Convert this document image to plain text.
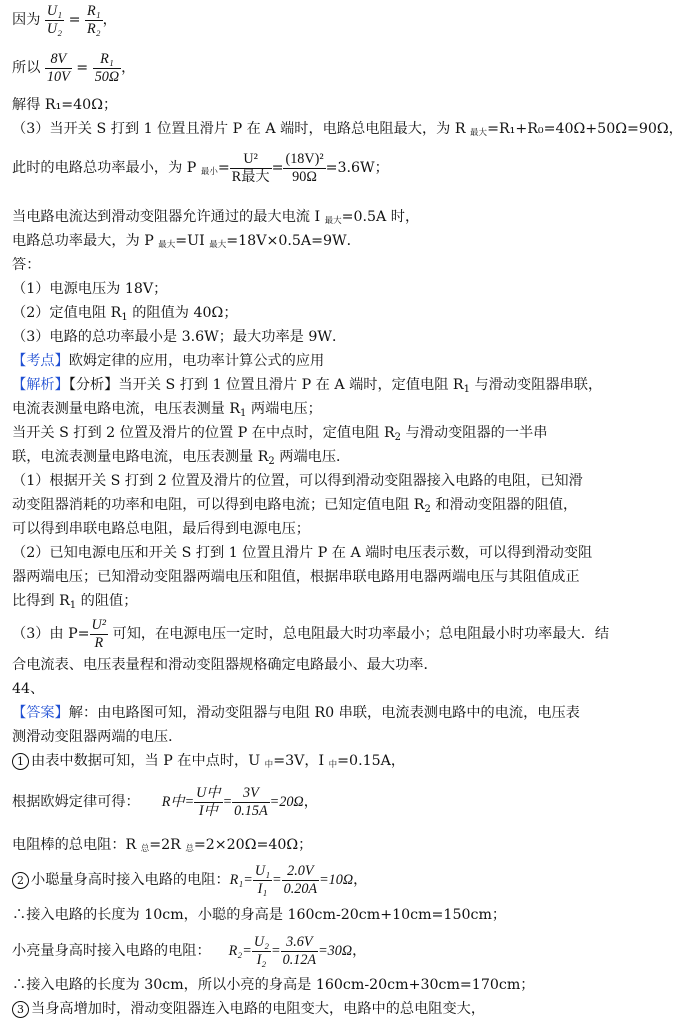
因为 $\frac{\text{U₁}}{\text{U₂}} = \frac{\text{R₁}}{\text{R₂}}$ ，
所以 $\frac{8V}{10V} = \frac{\text{R₁}}{50\Omega}$ ，
解得 R₁=40Ω；
（3）当开关 S 打到 1 位置且滑片 P 在 A 端时，电路总电阻最大，为 R $_{最大}$=R₁+R₀=40Ω+50Ω=90Ω，
此时的电路总功率最小，为 P $_{最小}= \frac{\text{U²}}{\text{R最大}} = \frac{\text{(18V)²}}{90\Omega} =3.6W$；
当电路电流达到滑动变阻器允许通过的最大电流 I $_{最大}$=0.5A 时，
电路总功率最大，为 P $_{最大}$=UI $_{最大}$=18V×0.5A=9W．
答：
（1）电源电压为 18V；
（2）定值电阻 $R_1$ 的阻值为 40Ω；
（3）电路的总功率最小是 3.6W；最大功率是 9W．
【考点】欧姆定律的应用，电功率计算公式的应用
【解析】【分析】当开关 S 打到 1 位置且滑片 P 在 A 端时，定值电阻 $R_1$ 与滑动变阻器串联，
电流表测量电路电流，电压表测量 $R_1$ 两端电压；
当开关 S 打到 2 位置及滑片的位置 P 在中点时，定值电阻 $R_2$ 与滑动变阻器的一半串
联，电流表测量电路电流，电压表测量 $R_2$ 两端电压．
（1）根据开关 S 打到 2 位置及滑片的位置，可以得到滑动变阻器接入电路的电阻，已知滑
动变阻器消耗的功率和电阻，可以得到电路电流；已知定值电阻 $R_2$ 和滑动变阻器的阻值，
可以得到串联电路总电阻，最后得到电源电压；
（2）已知电源电压和开关 S 打到 1 位置且滑片 P 在 A 端时电压表示数，可以得到滑动变阻
器两端电压；已知滑动变阻器两端电压和阻值，根据串联电路用电器两端电压与其阻值成正
比得到 $R_1$ 的阻值；
（3）由 $P= \frac{\text{U²}}{R}$ 可知，在电源电压一定时，总电阻最大时功率最小；总电阻最小时功率最大．结
合电流表、电压表量程和滑动变阻器规格确定电路最小、最大功率．
44、
【答案】解：由电路图可知，滑动变阻器与电阻 R0 串联，电流表测电路中的电流，电压表
测滑动变阻器两端的电压．
1 由表中数据可知，当 P 在中点时，U $_中$=3V，I $_中$=0.15A，
根据欧姆定律可得： R中= $\frac{\text{U中}}{\text{I中}} = \frac{3V}{0.15A} =20\Omega$，
电阻棒的总电阻：R $_总$=2R $_总$=2×20Ω=40Ω；
2 小聪量身高时接入电路的电阻：$R_1= \frac{\text{U₁}}{\text{I₁}} = \frac{2.0V}{0.20A} =10\Omega$，
∴接入电路的长度为 10cm，小聪的身高是 160cm-20cm+10cm=150cm；
小亮量身高时接入电路的电阻： $R_2= \frac{\text{U₂}}{\text{I₂}} = \frac{3.6V}{0.12A} =30\Omega$，
∴接入电路的长度为 30cm，所以小亮的身高是 160cm-20cm+30cm=170cm；
3 当身高增加时，滑动变阻器连入电路的电阻变大，电路中的总电阻变大，
